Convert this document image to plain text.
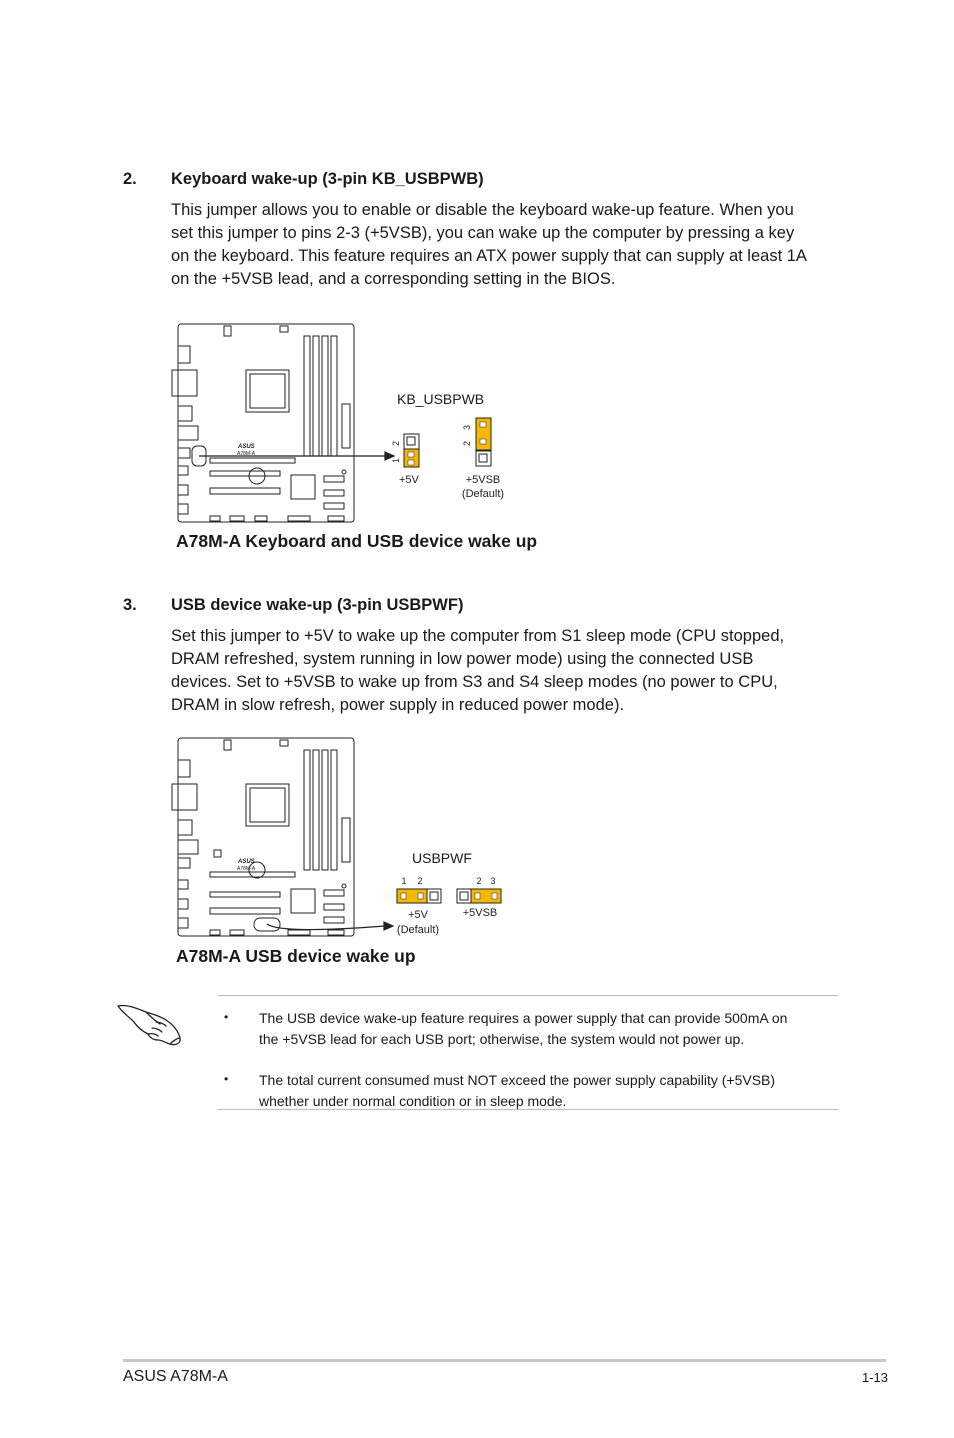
2. Keyboard wake-up (3-pin KB_USBPWB)
This jumper allows you to enable or disable the keyboard wake-up feature. When you
set this jumper to pins 2-3 (+5VSB), you can wake up the computer by pressing a key
on the keyboard. This feature requires an ATX power supply that can supply at least 1A
on the +5VSB lead, and a corresponding setting in the BIOS.
ASUS
A78M-A
KB_USBPWB
2
1
+5V
3
2
+5VSB
(Default)
A78M-A Keyboard and USB device wake up
3. USB device wake-up (3-pin USBPWF)
Set this jumper to +5V to wake up the computer from S1 sleep mode (CPU stopped,
DRAM refreshed, system running in low power mode) using the connected USB
devices. Set to +5VSB to wake up from S3 and S4 sleep modes (no power to CPU,
DRAM in slow refresh, power supply in reduced power mode).
ASUS
A78M-A
USBPWF
1 2
+5V
(Default)
2 3
+5VSB
A78M-A USB device wake up
• The USB device wake-up feature requires a power supply that can provide 500mA on
the +5VSB lead for each USB port; otherwise, the system would not power up.
• The total current consumed must NOT exceed the power supply capability (+5VSB)
whether under normal condition or in sleep mode.
ASUS A78M-A	1-13
